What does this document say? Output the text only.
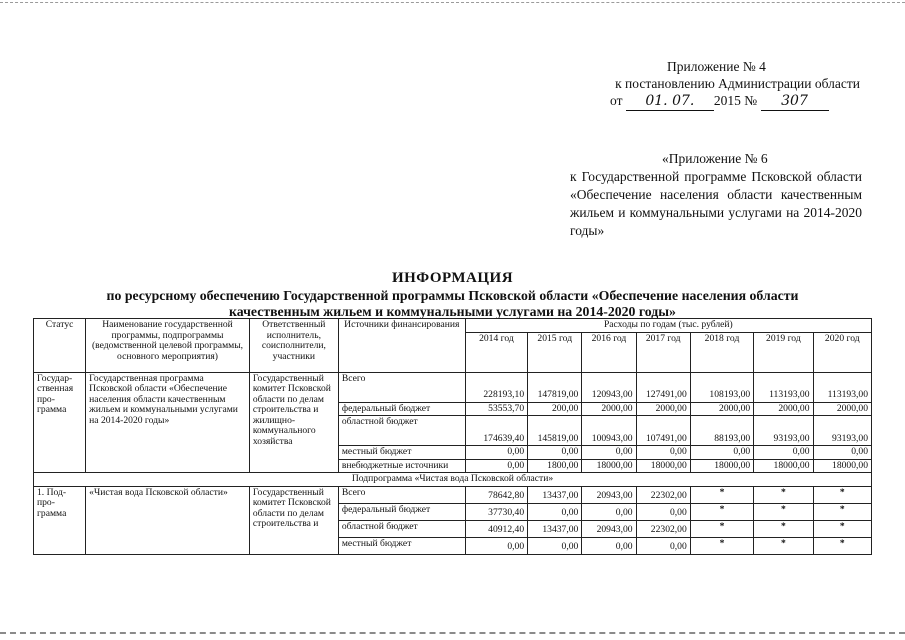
Приложение № 4
к постановлению Администрации области
от 01. 07. 2015 № 307
«Приложение № 6
к Государственной программе Псковской области «Обеспечение населения области качественным жильем и коммунальными услугами на 2014-2020 годы»
ИНФОРМАЦИЯ
по ресурсному обеспечению Государственной программы Псковской области «Обеспечение населения области
качественным жильем и коммунальными услугами на 2014-2020 годы»
Статус	Наименование государственной программы, подпрограммы (ведомственной целевой программы, основного мероприятия)	Ответственный исполнитель, соисполнители, участники	Источники финансирования	Расходы по годам (тыс. рублей)						
				2014 год	2015 год	2016 год	2017 год	2018 год	2019 год	2020 год
Государ-ственная про-грамма	Государственная программа Псковской области «Обеспечение населения области качественным жильем и коммунальными услугами на 2014-2020 годы»	Государственный комитет Псковской области по делам строительства и жилищно-коммунального хозяйства	Всего	228193,10	147819,00	120943,00	127491,00	108193,00	113193,00	113193,00
			федеральный бюджет	53553,70	200,00	2000,00	2000,00	2000,00	2000,00	2000,00
			областной бюджет	174639,40	145819,00	100943,00	107491,00	88193,00	93193,00	93193,00
			местный бюджет	0,00	0,00	0,00	0,00	0,00	0,00	0,00
			внебюджетные источники	0,00	1800,00	18000,00	18000,00	18000,00	18000,00	18000,00
Подпрограмма «Чистая вода Псковской области»										
1. Под-про-грамма	«Чистая вода Псковской области»	Государственный комитет Псковской области по делам строительства и	Всего	78642,80	13437,00	20943,00	22302,00	*	*	*
			федеральный бюджет	37730,40	0,00	0,00	0,00	*	*	*
			областной бюджет	40912,40	13437,00	20943,00	22302,00	*	*	*
			местный бюджет	0,00	0,00	0,00	0,00	*	*	*
